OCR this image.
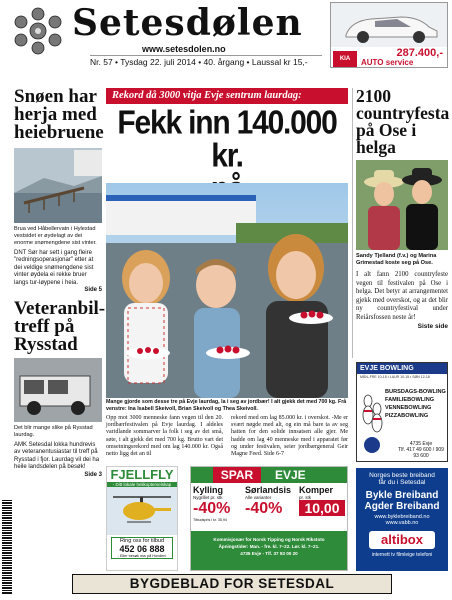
Setesdølen
www.setesdolen.no
Nr. 57 • Tysdag 22. juli 2014 • 40. årgang • Laussal kr 15,-	KIA	AUTO service
287.400,-
Snøen har herja med heiebruene
Brua ved Håbellervatn i Hylestad vestsidet er øydelagt av dei enorme snømengdene sist vinter.
DNT Sør har sett i gang fleire "redningsoperasjonar" etter at dei veldige snømengdene sist vinter øydela ei rekke bruer langs tur-løypene i heia.
Side 5
Veteranbil-treff på Rysstad
Det blir mange slike på Rysstad laurdag.
AMK Setesdal lokka hundrevis av veteranentusiastar til treff på Rysstad i fjor. Laurdag vil dei ha heile landsdelen på besøk!
Side 3
Rekord då 3000 vitja Evje sentrum laurdag:
Fekk inn 140.000 kr.
Mange gjorde som desse tre på Evje laurdag, la i seg av jordbær! I alt gjekk det med 700 kg. Frå venstre: Ina Isabell Skeivoll, Brian Skeivoll og Thea Skeivoll.
Opp mot 3000 menneske fann vegen til den 20. jordbærfestivalen på Evje laurdag. I aldeles varidlande sommarver la folk i seg av dei små, søte, i alt gjekk det med 700 kg. Brutto vart det omsetningsrekord med om lag 140.000 kr. Også netto ligg det an til
rekord med om lag 85.000 kr. i overskot. -Me er svært nøgde med alt, og ein må bare ta av seg hatten for den solide innsatsen alle gjer. Me hadde om lag 40 menneske med i apparatet før og under festivalen, seier jordbærgeneral Geir Magne Feed. Side 6-7
2100 countryfesta på Ose i helga
Sandy Tjelland (f.v.) og Marina Grimestad koste seg på Ose.
I alt fann 2100 countryfeste vegen til festivalen på Ose i helga. Det betyr at arrangementet gjekk med overskot, og at det blir ny countryfestival under Reiårsfossen neste år!
Siste side
EVJE BOWLING
MÅN–FRE 10-15 • LAUR 10-15 • SØN 12-18
BURSDAGS-BOWLING
FAMILIEBOWLING
VENNEBOWLING
PIZZABOWLING
4735 Evje
Tlf. 417 49 600 / 909 93 600
FJELLFLY
- Ditt lokale helikopterselskap
Ring oss for tilbud
452 06 888
- Eller besøk oss på Hovden!
SPAR	EVJE
Kylling
Nygrillet pr. stk
-40%
Tilbudspris i kr. 35,94
Sørlandsis
Alle varianter
-40%
Komper
pr. stk
10,00
Kommisjonær for Norsk Tipping og Norsk Rikstoto
Åpningstider: Man. - fre. kl. 7–22. Lør. kl. 7–21.
4735 Evje - Tlf. 37 93 00 20
Norges beste breiband
får du i Setesdal
Bykle Breiband
Agder Breiband
www.byklebreiband.no
www.vabb.no
altibox
internett tv filmleige telefoni
BYGDEBLAD FOR SETESDAL
